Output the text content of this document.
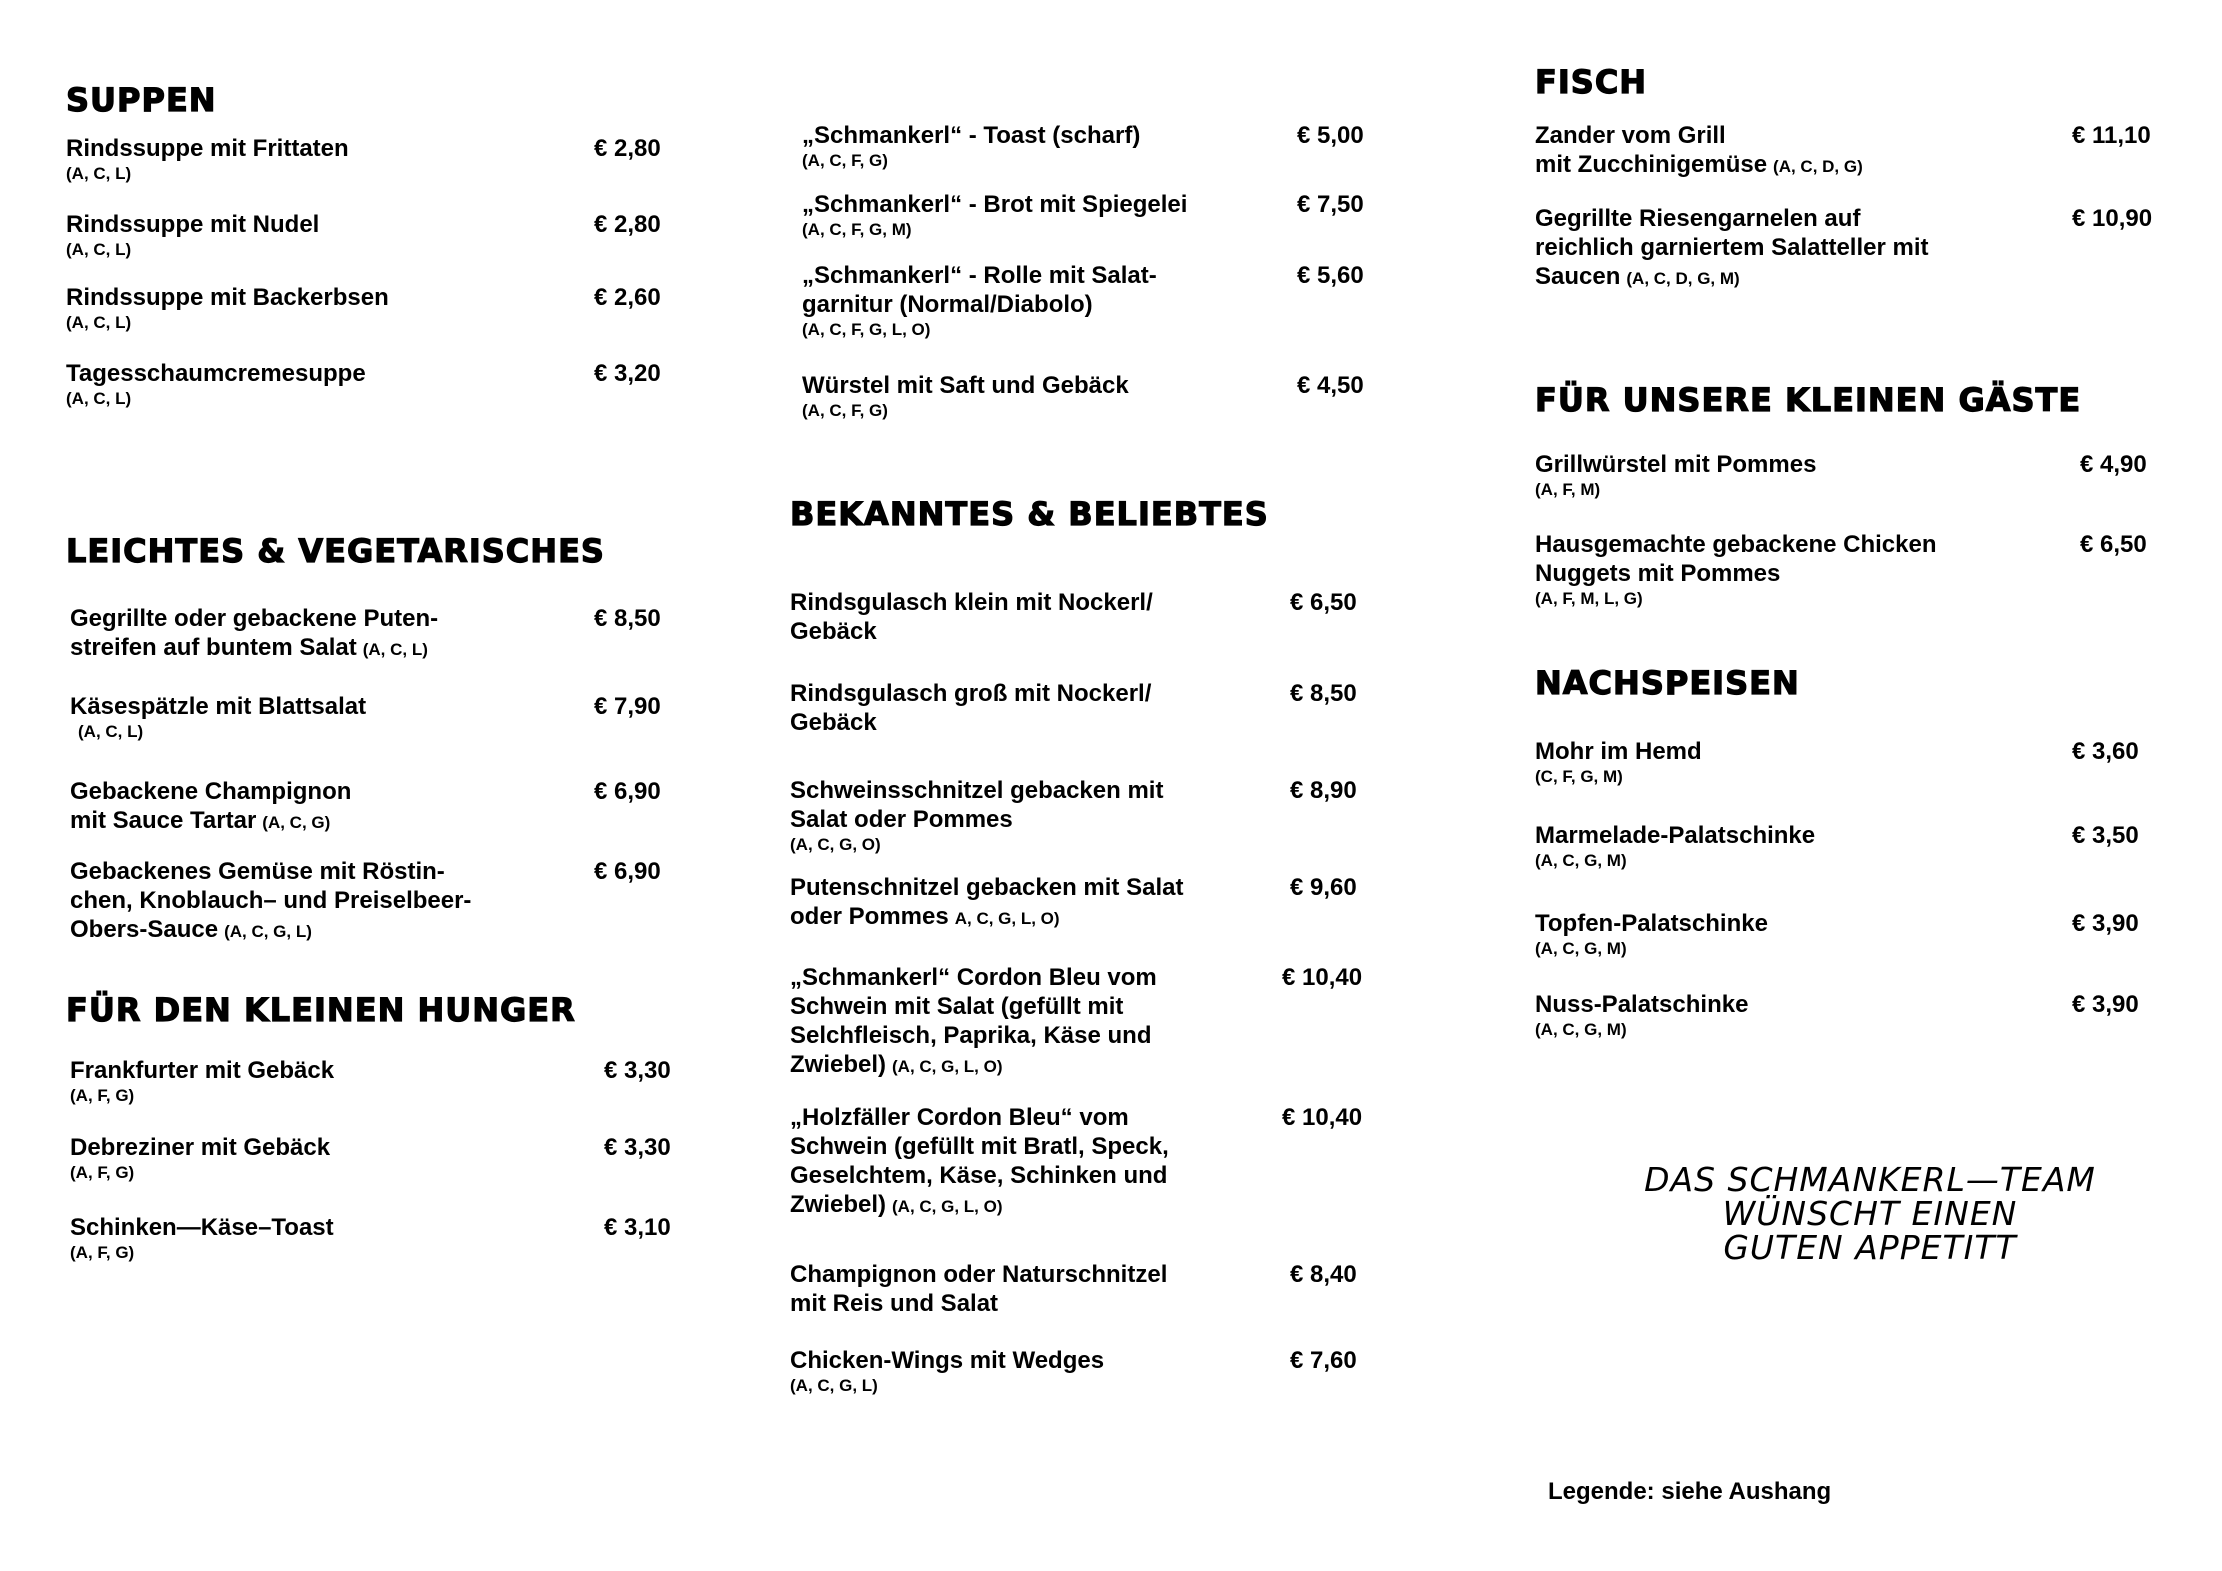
SUPPEN
Rindssuppe mit Frittaten
(A, C, L)
€ 2,80
Rindssuppe mit Nudel
(A, C, L)
€ 2,80
Rindssuppe mit Backerbsen
(A, C, L)
€ 2,60
Tagesschaumcremesuppe
(A, C, L)
€ 3,20
LEICHTES & VEGETARISCHES
Gegrillte oder gebackene Puten-
streifen auf buntem Salat (A, C, L)
€ 8,50
Käsespätzle mit Blattsalat
(A, C, L)
€ 7,90
Gebackene Champignon
mit Sauce Tartar (A, C, G)
€ 6,90
Gebackenes Gemüse mit Röstin-
chen, Knoblauch– und Preiselbeer-
Obers-Sauce (A, C, G, L)
€ 6,90
FÜR DEN KLEINEN HUNGER
Frankfurter mit Gebäck
(A, F, G)
€ 3,30
Debreziner mit Gebäck
(A, F, G)
€ 3,30
Schinken—Käse–Toast
(A, F, G)
€ 3,10
„Schmankerl“ - Toast (scharf)
(A, C, F, G)
€ 5,00
„Schmankerl“ - Brot mit Spiegelei
(A, C, F, G, M)
€ 7,50
„Schmankerl“ - Rolle mit Salat-
garnitur (Normal/Diabolo)
(A, C, F, G, L, O)
€ 5,60
Würstel mit Saft und Gebäck
(A, C, F, G)
€ 4,50
BEKANNTES & BELIEBTES
Rindsgulasch klein mit Nockerl/
Gebäck
€ 6,50
Rindsgulasch groß mit Nockerl/
Gebäck
€ 8,50
Schweinsschnitzel gebacken mit
Salat oder Pommes
(A, C, G, O)
€ 8,90
Putenschnitzel gebacken mit Salat
oder Pommes A, C, G, L, O)
€ 9,60
„Schmankerl“ Cordon Bleu vom
Schwein mit Salat (gefüllt mit
Selchfleisch, Paprika, Käse und
Zwiebel) (A, C, G, L, O)
€ 10,40
„Holzfäller Cordon Bleu“ vom
Schwein (gefüllt mit Bratl, Speck,
Geselchtem, Käse, Schinken und
Zwiebel) (A, C, G, L, O)
€ 10,40
Champignon oder Naturschnitzel
mit Reis und Salat
€ 8,40
Chicken-Wings mit Wedges
(A, C, G, L)
€ 7,60
FISCH
Zander vom Grill
mit Zucchinigemüse (A, C, D, G)
€ 11,10
Gegrillte Riesengarnelen auf
reichlich garniertem Salatteller mit
Saucen (A, C, D, G, M)
€ 10,90
FÜR UNSERE KLEINEN GÄSTE
Grillwürstel mit Pommes
(A, F, M)
€ 4,90
Hausgemachte gebackene Chicken
Nuggets mit Pommes
(A, F, M, L, G)
€ 6,50
NACHSPEISEN
Mohr im Hemd
(C, F, G, M)
€ 3,60
Marmelade-Palatschinke
(A, C, G, M)
€ 3,50
Topfen-Palatschinke
(A, C, G, M)
€ 3,90
Nuss-Palatschinke
(A, C, G, M)
€ 3,90
DAS SCHMANKERL—TEAM
WÜNSCHT EINEN
GUTEN APPETITT
Legende: siehe Aushang
